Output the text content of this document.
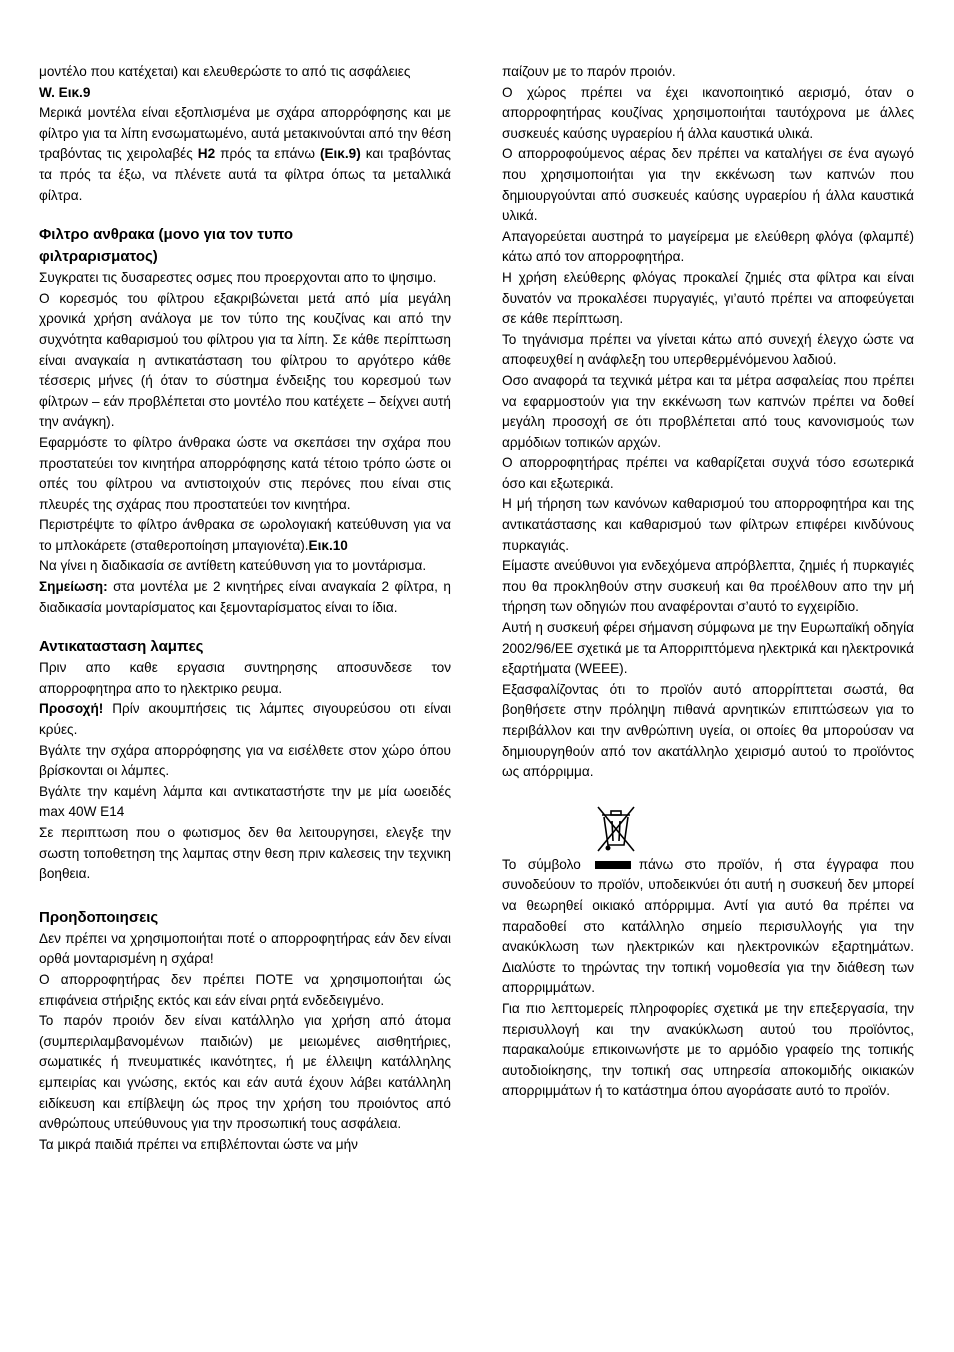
μοντέλο που κατέχεται) και ελευθερώστε το από τις ασφάλειες
W. Εικ.9

Μερικά μοντέλα είναι εξοπλισμένα με σχάρα απορρόφησης και με φίλτρο για τα λίπη ενσωματωμένο, αυτά μετακινούνται από την θέση τραβόντας τις χειρολαβές H2 πρός τα επάνω (Εικ.9) και τραβόντας τα πρός τα έξω, να πλένετε αυτά τα φίλτρα όπως τα μεταλλικά φίλτρα.

Φιλτρο ανθρακα (μονο για τον τυπο φιλτραρισματος)

Συγκρατει τις δυσαρεστες οσμες που προερχονται απο το ψησιμο.

Ο κορεσμός του φίλτρου εξακριβώνεται μετά από μία μεγάλη χρονικά χρήση ανάλογα με τον τύπο της κουζίνας και από την συχνότητα καθαρισμού του φίλτρου για τα λίπη. Σε κάθε περίπτωση είναι αναγκαία η αντικατάσταση του φίλτρου το αργότερο κάθε τέσσερις μήνες (ή όταν το σύστημα ένδειξης του κορεσμού των φίλτρων – εάν προβλέπεται στο μοντέλο που κατέχετε – δείχνει αυτή την ανάγκη).

Εφαρμόστε το φίλτρο άνθρακα ώστε να σκεπάσει την σχάρα που προστατεύει τον κινητήρα απορρόφησης κατά τέτοιο τρόπο ώστε οι οπές του φίλτρου να αντιστοιχούν στις περόνες που είναι στις πλευρές της σχάρας που προστατεύει τον κινητήρα.

Περιστρέψτε το φίλτρο άνθρακα σε ωρολογιακή κατεύθυνση για να το μπλοκάρετε (σταθεροποίηση μπαγιονέτα).Εικ.10

Να γίνει η διαδικασία σε αντίθετη κατεύθυνση για το μοντάρισμα.

Σημείωση: στα μοντέλα με 2 κινητήρες είναι αναγκαία 2 φίλτρα, η διαδικασία μονταρίσματος και ξεμονταρίσματος είναι το ίδια.

Αντικατασταση λαμπες

Πριν απο καθε εργασια συντηρησης αποσυνδεσε τον απορροφητηρα απο το ηλεκτρικο ρευμα.

Προσοχή! Πρίν ακουμπήσεις τις λάμπες σιγουρεύσου οτι είναι κρύες.

Βγάλτε την σχάρα απορρόφησης για να εισέλθετε στον χώρο όπου βρίσκονται οι λάμπες.

Βγάλτε την καμένη λάμπα και αντικαταστήστε την με μία ωοειδές max 40W E14

Σε περιπτωση που ο φωτισμος δεν θα λειτουργησει, ελεγξε την σωστη τοποθετηση της λαμπας στην θεση πριν καλεσεις την τεχνικη βοηθεια.

Προηδοποιησεις

Δεν πρέπει να χρησιμοποιήται ποτέ ο απορροφητήρας εάν δεν είναι ορθά μονταρισμένη η σχάρα!

Ο απορροφητήρας δεν πρέπει ΠΟΤΕ να χρησιμοποιήται ώς επιφάνεια στήριξης εκτός και εάν είναι ρητά ενδεδειγμένο.

Το παρόν προιόν δεν είναι κατάλληλο για χρήση από άτομα (συμπεριλαμβανομένων παιδιών) με μειωμένες αισθητήριες, σωματικές ή πνευματικές ικανότητες, ή με έλλειψη κατάλληλης εμπειρίας και γνώσης, εκτός και εάν αυτά έχουν λάβει κατάλληλη ειδίκευση και επίβλεψη ώς προς την χρήση του προιόντος από ανθρώπους υπεύθυνους για την προσωπική τους ασφάλεια.

Τα μικρά παιδιά πρέπει να επιβλέπονται ώστε να μήν

παίζουν με το παρόν προιόν.

Ο χώρος πρέπει να έχει ικανοποιητικό αερισμό, όταν ο απορροφητήρας κουζίνας χρησιμοποιήται ταυτόχρονα με άλλες συσκευές καύσης υγραερίου ή άλλα καυστικά υλικά.

Ο απορροφούμενος αέρας δεν πρέπει να καταλήγει σε ένα αγωγό που χρησιμοποιήται για την εκκένωση των καπνών που δημιουργούνται από συσκευές καύσης υγραερίου ή άλλα καυστικά υλικά.

Απαγορεύεται αυστηρά το μαγείρεμα με ελεύθερη φλόγα (φλαμπέ) κάτω από τον απορροφητήρα.

Η χρήση ελεύθερης φλόγας προκαλεί ζημιές στα φίλτρα και είναι δυνατόν να προκαλέσει πυργαγιές, γι’αυτό πρέπει να αποφεύγεται σε κάθε περίπτωση.

Το τηγάνισμα πρέπει να γίνεται κάτω από συνεχή έλεγχο ώστε να αποφευχθεί η ανάφλεξη του υπερθερμένόμενου λαδιού.

Οσο αναφορά τα τεχνικά μέτρα και τα μέτρα ασφαλείας που πρέπει να εφαρμοστούν για την εκκένωση των καπνών πρέπει να δοθεί μεγάλη προσοχή σε ότι προβλέπεται από τους κανονισμούς των αρμόδιων τοπικών αρχών.

Ο απορροφητήρας πρέπει να καθαρίζεται συχνά τόσο εσωτερικά όσο και εξωτερικά.

Η μή τήρηση των κανόνων καθαρισμού του απορροφητήρα και της αντικατάστασης και καθαρισμού των φίλτρων επιφέρει κινδύνους πυρκαγιάς.

Είμαστε ανεύθυνοι για ενδεχόμενα απρόβλεπτα, ζημιές ή πυρκαγιές που θα προκληθούν στην συσκευή και θα προέλθουν απο την μή τήρηση των οδηγιών που αναφέρονται σ’αυτό το εγχειρίδιο.

Αυτή η συσκευή φέρει σήμανση σύμφωνα με την Ευρωπαϊκή οδηγία 2002/96/ΕΕ σχετικά με τα Απορριπτόμενα ηλεκτρικά και ηλεκτρονικά εξαρτήματα (WEEE).

Εξασφαλίζοντας ότι το προϊόν αυτό απορρίπτεται σωστά, θα βοηθήσετε στην πρόληψη πιθανά αρνητικών επιπτώσεων για το περιβάλλον και την ανθρώπινη υγεία, οι οποίες θα μπορούσαν να δημιουργηθούν από τον ακατάλληλο χειρισμό αυτού το προϊόντος ως απόρριμμα.

Το σύμβολο	πάνω στο προϊόν, ή στα έγγραφα που συνοδεύουν το προϊόν, υποδεικνύει ότι αυτή η συσκευή δεν μπορεί να θεωρηθεί οικιακό απόρριμμα. Αντί για αυτό θα πρέπει να παραδοθεί στο κατάλληλο σημείο περισυλλογής για την ανακύκλωση των ηλεκτρικών και ηλεκτρονικών εξαρτημάτων. Διαλύστε το τηρώντας την τοπική νομοθεσία για την διάθεση των απορριμμάτων.

Για πιο λεπτομερείς πληροφορίες σχετικά με την επεξεργασία, την περισυλλογή και την ανακύκλωση αυτού του προϊόντος, παρακαλούμε επικοινωνήστε με το αρμόδιο γραφείο της τοπικής αυτοδιοίκησης, την τοπική σας υπηρεσία αποκομιδής οικιακών απορριμμάτων ή το κατάστημα όπου αγοράσατε αυτό το προϊόν.
